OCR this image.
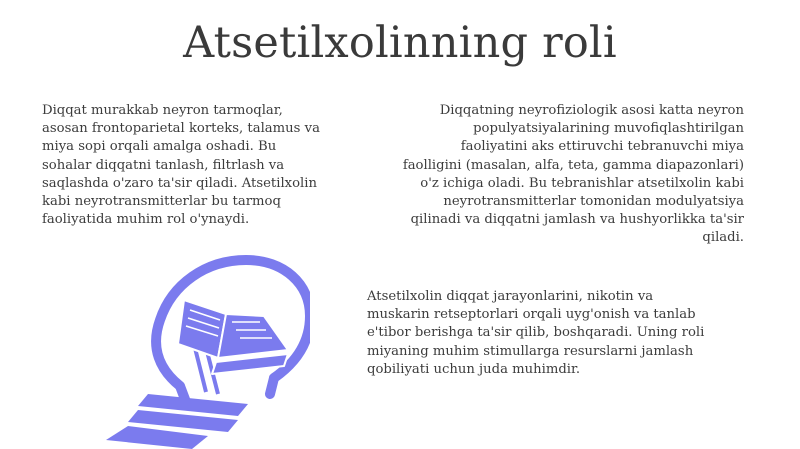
Atsetilxolinning roli
Diqqat murakkab neyron tarmoqlar,
asosan frontoparietal korteks, talamus va
miya sopi orqali amalga oshadi. Bu
sohalar diqqatni tanlash, filtrlash va
saqlashda o'zaro ta'sir qiladi. Atsetilxolin
kabi neyrotransmitterlar bu tarmoq
faoliyatida muhim rol o'ynaydi.
Diqqatning neyrofiziologik asosi katta neyron
populyatsiyalarining muvofiqlashtirilgan
faoliyatini aks ettiruvchi tebranuvchi miya
faolligini (masalan, alfa, teta, gamma diapazonlari)
o'z ichiga oladi. Bu tebranishlar atsetilxolin kabi
neyrotransmitterlar tomonidan modulyatsiya
qilinadi va diqqatni jamlash va hushyorlikka ta'sir
qiladi.
Atsetilxolin diqqat jarayonlarini, nikotin va
muskarin retseptorlari orqali uyg'onish va tanlab
e'tibor berishga ta'sir qilib, boshqaradi. Uning roli
miyaning muhim stimullarga resurslarni jamlash
qobiliyati uchun juda muhimdir.
